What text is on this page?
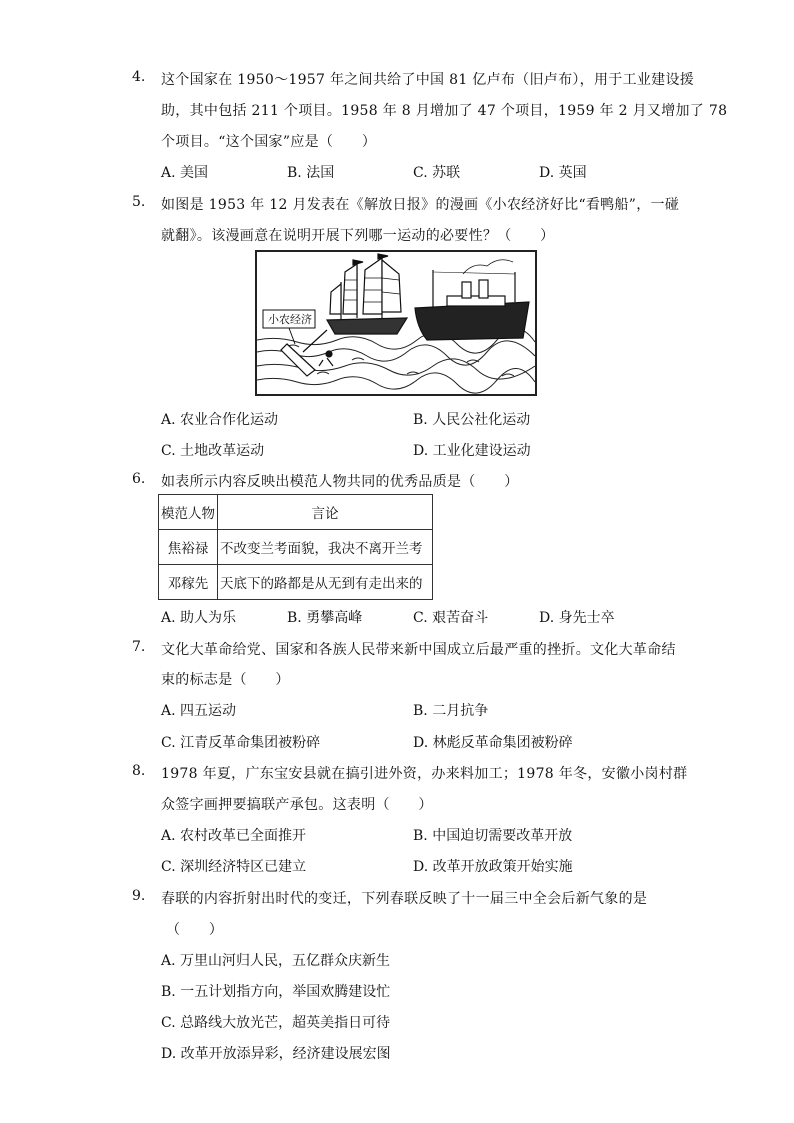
4. 这个国家在 1950～1957 年之间共给了中国 81 亿卢布（旧卢布），用于工业建设援
助，其中包括 211 个项目。1958 年 8 月增加了 47 个项目，1959 年 2 月又增加了 78
个项目。“这个国家”应是（　　）
A. 美国	B. 法国	C. 苏联	D. 英国
5. 如图是 1953 年 12 月发表在《解放日报》的漫画《小农经济好比“看鸭船”，一碰
就翻》。该漫画意在说明开展下列哪一运动的必要性？（　　）
小农经济
A. 农业合作化运动	B. 人民公社化运动
C. 土地改革运动	D. 工业化建设运动
6. 如表所示内容反映出模范人物共同的优秀品质是（　　）
模范人物	言论
焦裕禄	不改变兰考面貌，我决不离开兰考
邓稼先	天底下的路都是从无到有走出来的
A. 助人为乐	B. 勇攀高峰	C. 艰苦奋斗	D. 身先士卒
7. 文化大革命给党、国家和各族人民带来新中国成立后最严重的挫折。文化大革命结
束的标志是（　　）
A. 四五运动	B. 二月抗争
C. 江青反革命集团被粉碎	D. 林彪反革命集团被粉碎
8. 1978 年夏，广东宝安县就在搞引进外资，办来料加工；1978 年冬，安徽小岗村群
众签字画押要搞联产承包。这表明（　　）
A. 农村改革已全面推开	B. 中国迫切需要改革开放
C. 深圳经济特区已建立	D. 改革开放政策开始实施
9. 春联的内容折射出时代的变迁，下列春联反映了十一届三中全会后新气象的是
（　　）
A. 万里山河归人民，五亿群众庆新生
B. 一五计划指方向，举国欢腾建设忙
C. 总路线大放光芒，超英美指日可待
D. 改革开放添异彩，经济建设展宏图
